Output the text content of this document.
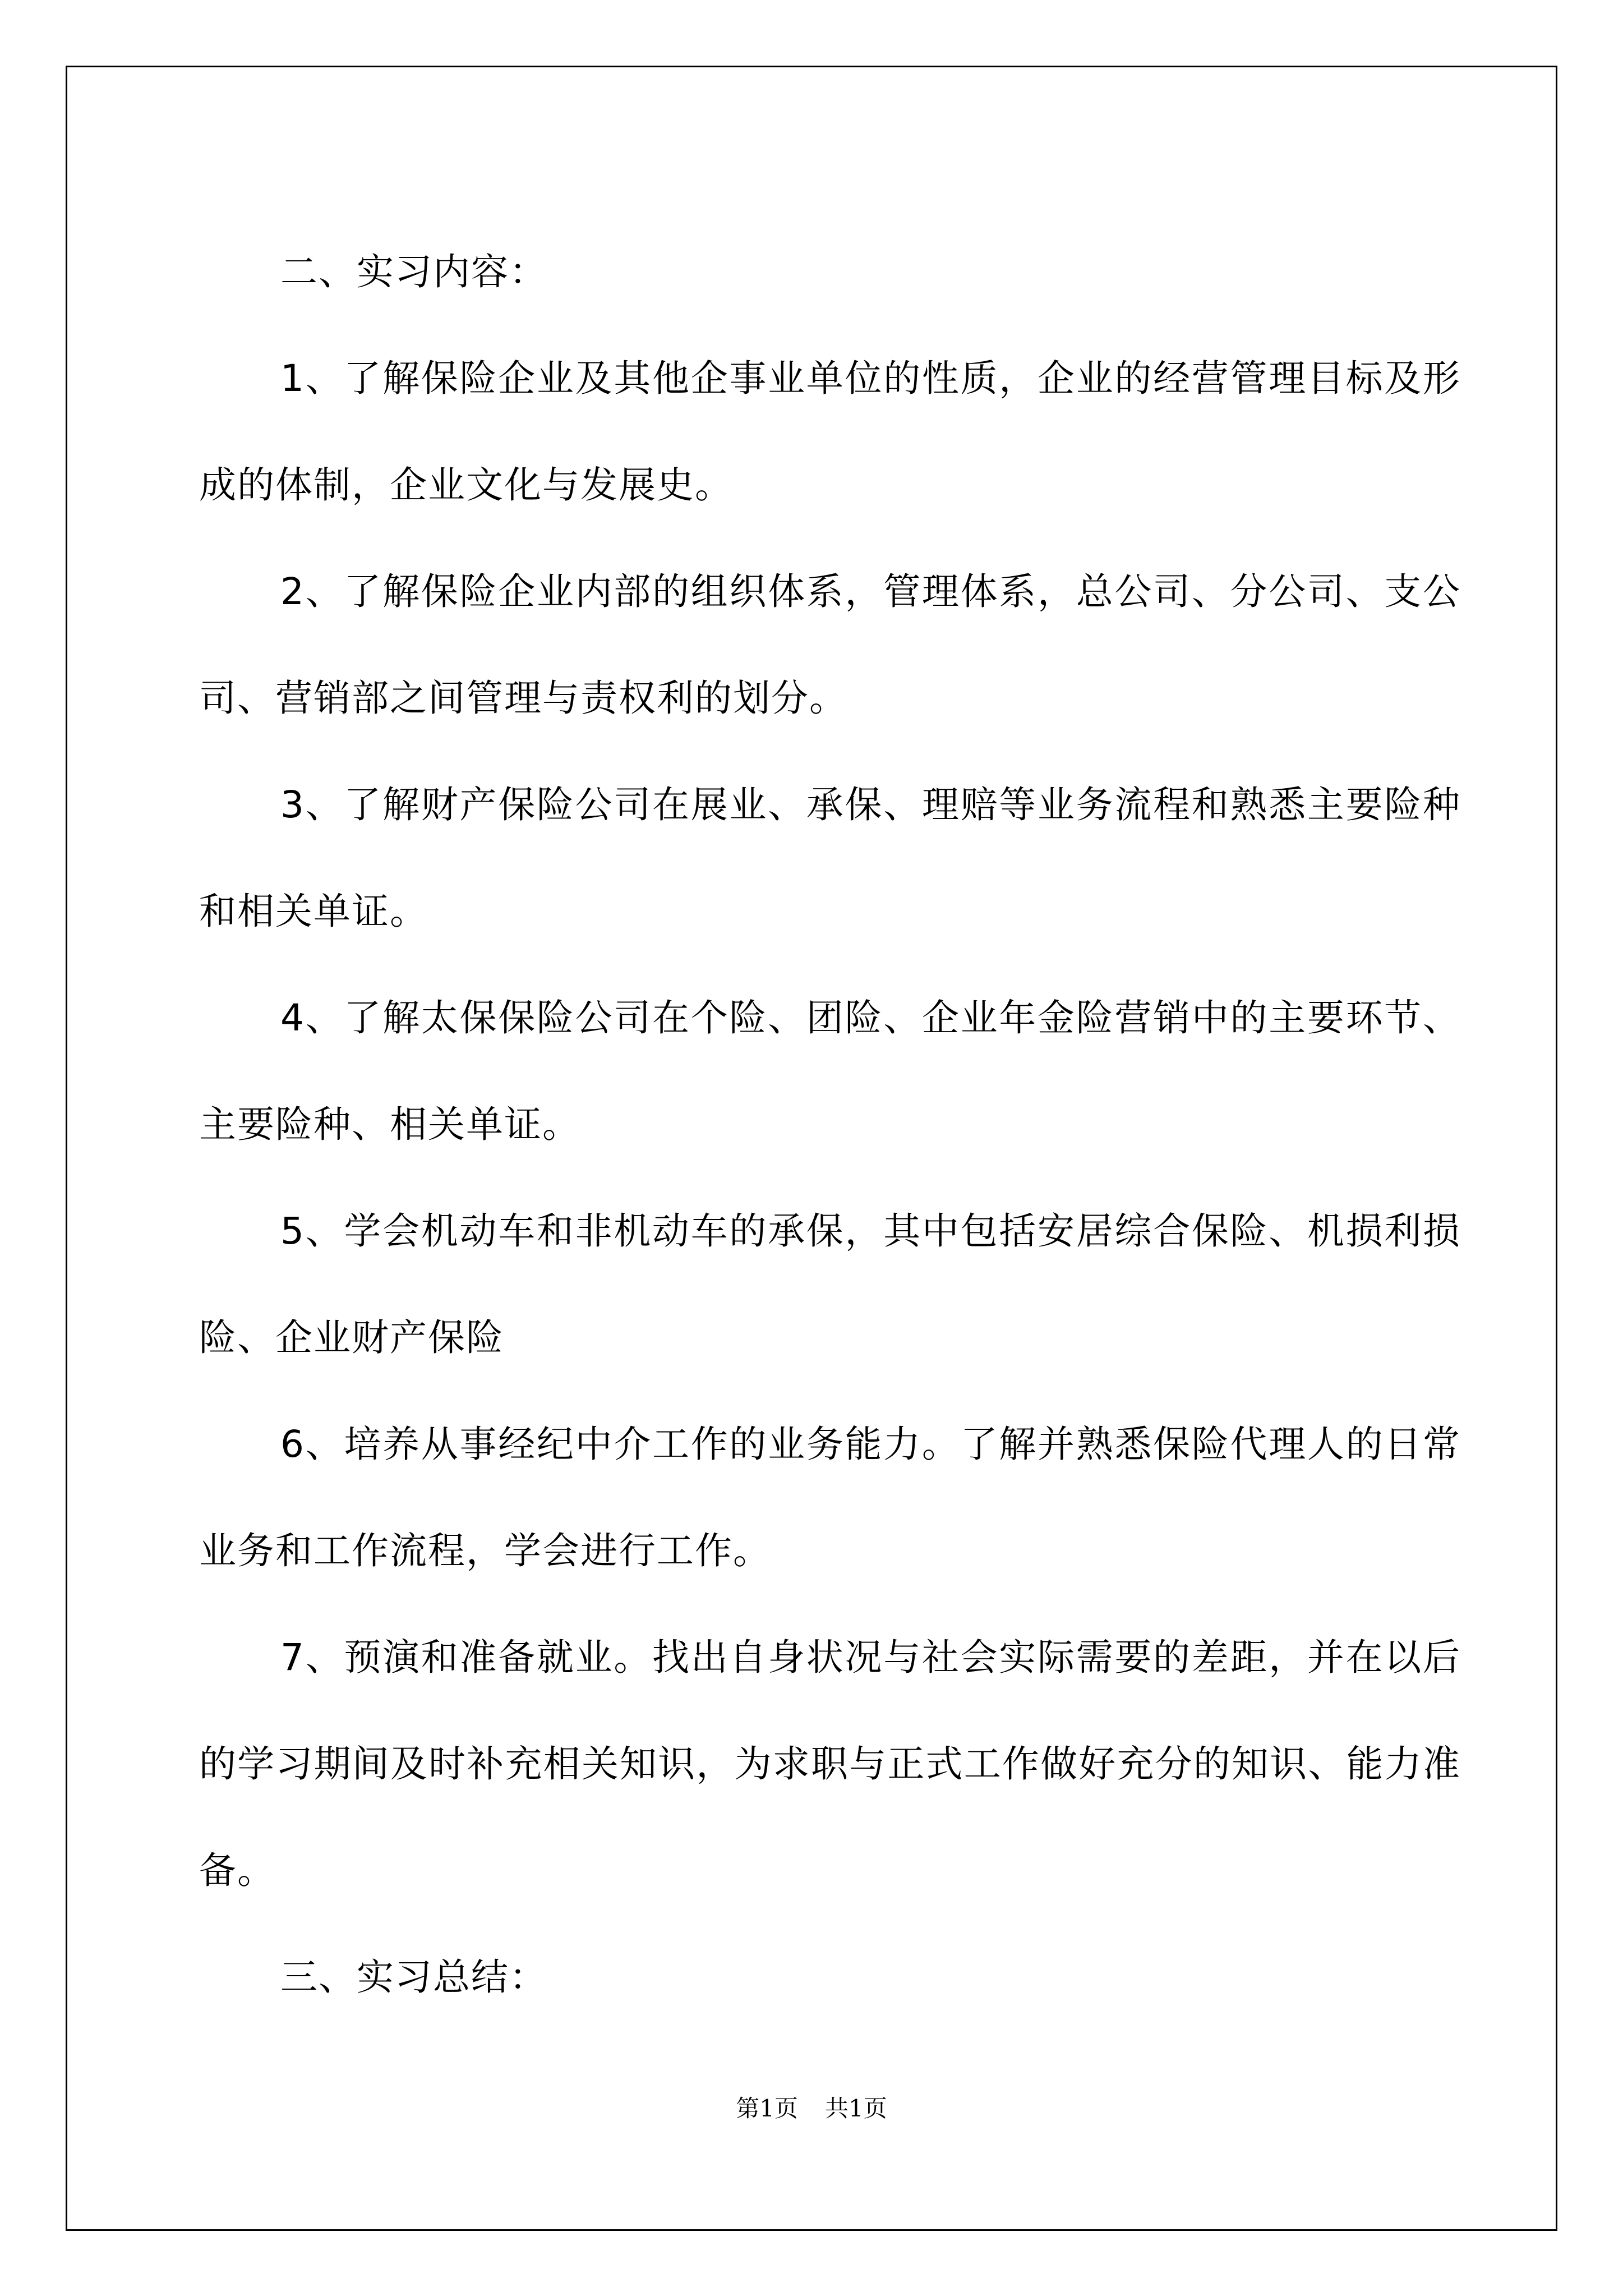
二、实习内容：

1、了解保险企业及其他企事业单位的性质，企业的经营管理目标及形成的体制，企业文化与发展史。

2、了解保险企业内部的组织体系，管理体系，总公司、分公司、支公司、营销部之间管理与责权利的划分。

3、了解财产保险公司在展业、承保、理赔等业务流程和熟悉主要险种和相关单证。

4、了解太保保险公司在个险、团险、企业年金险营销中的主要环节、主要险种、相关单证。

5、学会机动车和非机动车的承保，其中包括安居综合保险、机损利损险、企业财产保险

6、培养从事经纪中介工作的业务能力。了解并熟悉保险代理人的日常业务和工作流程，学会进行工作。

7、预演和准备就业。找出自身状况与社会实际需要的差距，并在以后的学习期间及时补充相关知识，为求职与正式工作做好充分的知识、能力准备。

三、实习总结：

第1页 共1页
